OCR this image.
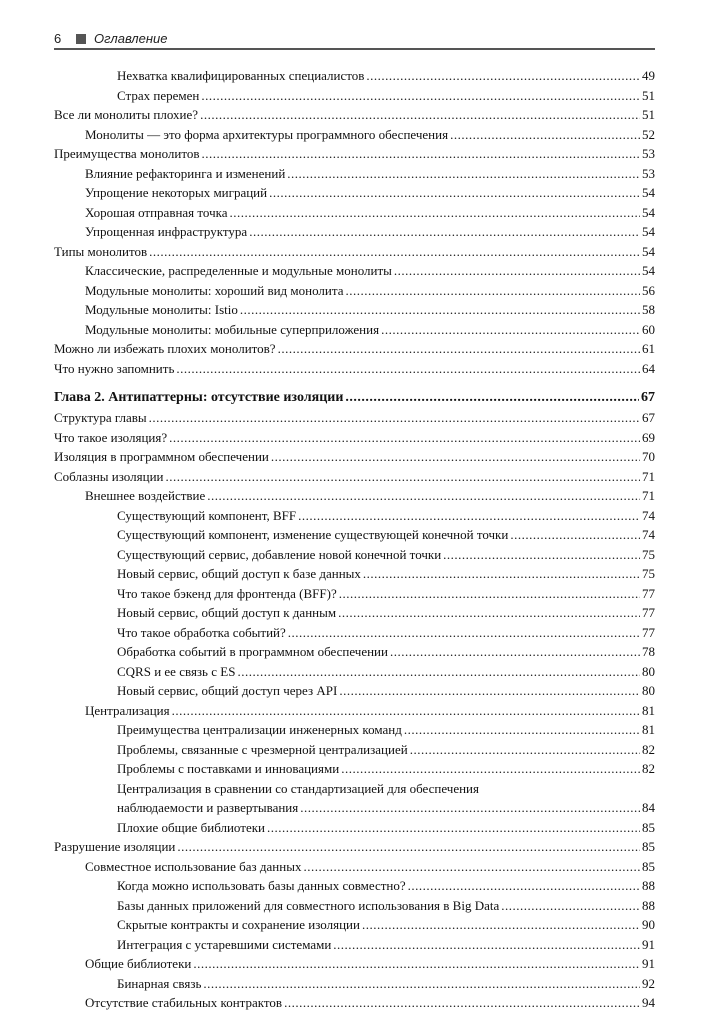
6	Оглавление
Нехватка квалифицированных специалистов .....	49
Страх перемен .....	51
Все ли монолиты плохие? .....	51
Монолиты — это форма архитектуры программного обеспечения .....	52
Преимущества монолитов .....	53
Влияние рефакторинга и изменений .....	53
Упрощение некоторых миграций .....	54
Хорошая отправная точка .....	54
Упрощенная инфраструктура .....	54
Типы монолитов .....	54
Классические, распределенные и модульные монолиты .....	54
Модульные монолиты: хороший вид монолита .....	56
Модульные монолиты: Istio .....	58
Модульные монолиты: мобильные суперприложения .....	60
Можно ли избежать плохих монолитов? .....	61
Что нужно запомнить .....	64
Глава 2. Антипаттерны: отсутствие изоляции .....	67
Структура главы .....	67
Что такое изоляция? .....	69
Изоляция в программном обеспечении .....	70
Соблазны изоляции .....	71
Внешнее воздействие .....	71
Существующий компонент, BFF .....	74
Существующий компонент, изменение существующей конечной точки .....	74
Существующий сервис, добавление новой конечной точки .....	75
Новый сервис, общий доступ к базе данных .....	75
Что такое бэкенд для фронтенда (BFF)? .....	77
Новый сервис, общий доступ к данным .....	77
Что такое обработка событий? .....	77
Обработка событий в программном обеспечении .....	78
CQRS и ее связь с ES .....	80
Новый сервис, общий доступ через API .....	80
Централизация .....	81
Преимущества централизации инженерных команд .....	81
Проблемы, связанные с чрезмерной централизацией .....	82
Проблемы с поставками и инновациями .....	82
Централизация в сравнении со стандартизацией для обеспечения
наблюдаемости и развертывания .....	84
Плохие общие библиотеки .....	85
Разрушение изоляции .....	85
Совместное использование баз данных .....	85
Когда можно использовать базы данных совместно? .....	88
Базы данных приложений для совместного использования в Big Data .....	88
Скрытые контракты и сохранение изоляции .....	90
Интеграция с устаревшими системами .....	91
Общие библиотеки .....	91
Бинарная связь .....	92
Отсутствие стабильных контрактов .....	94
